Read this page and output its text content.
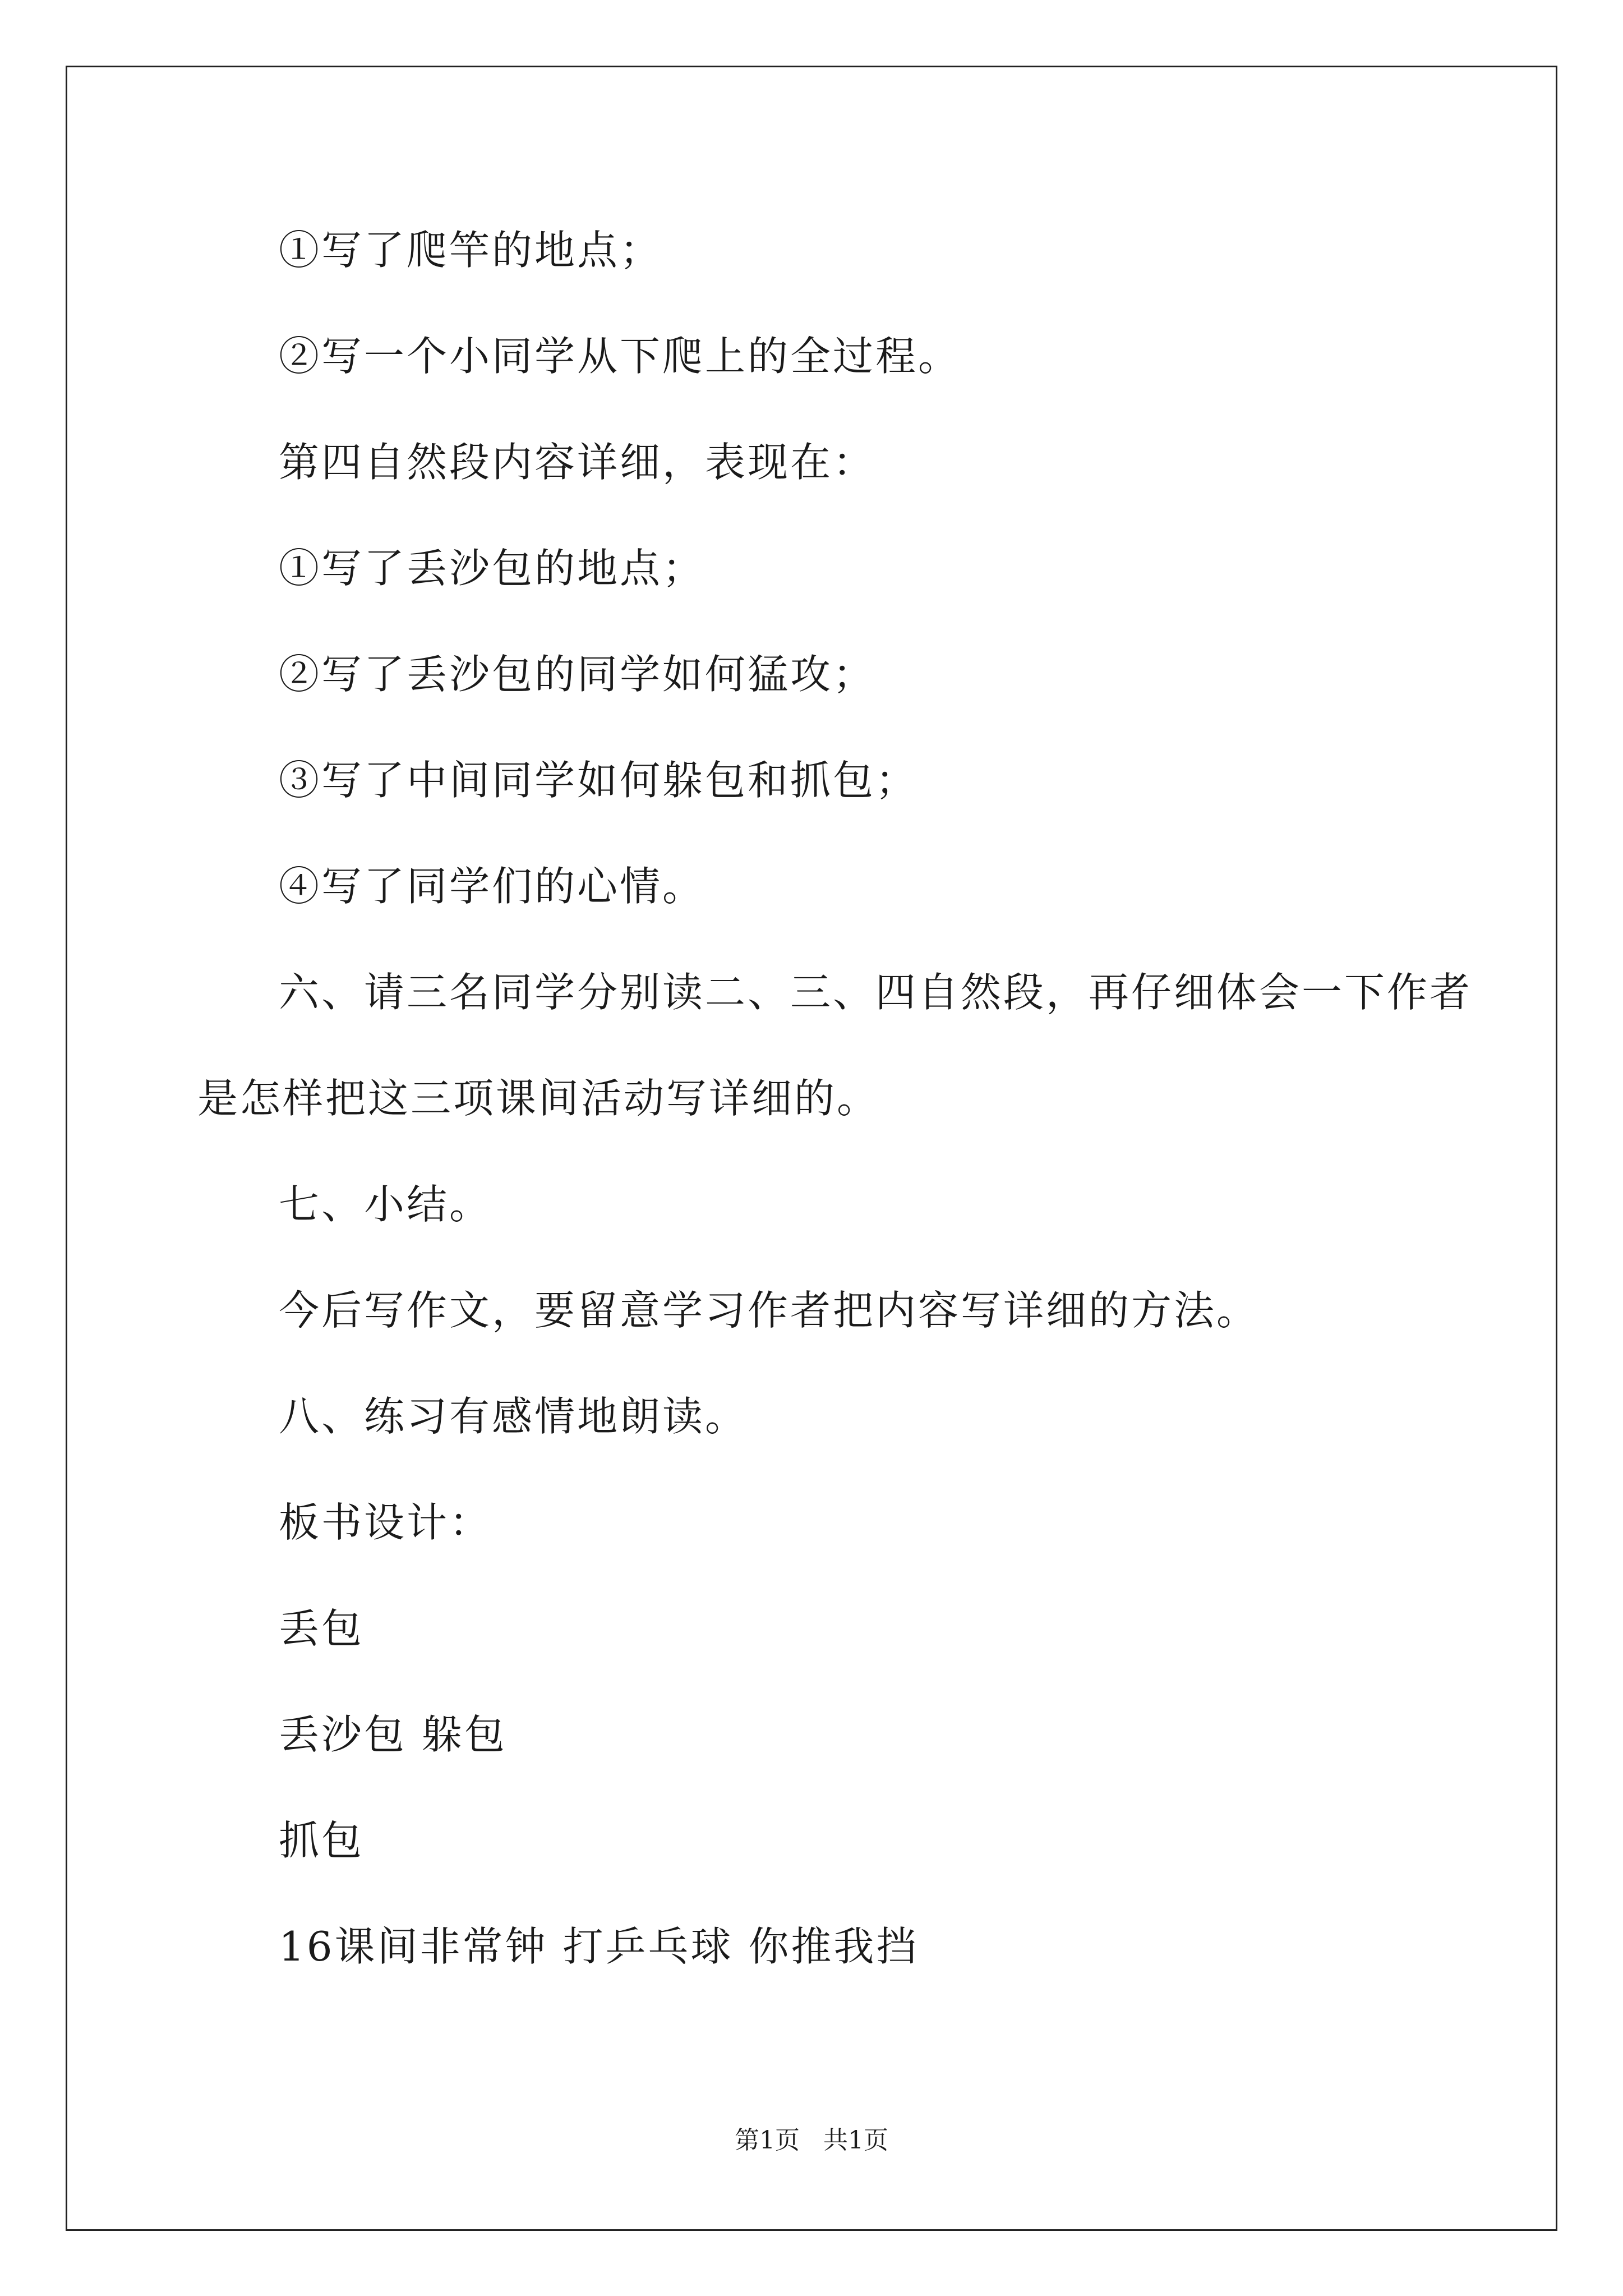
①写了爬竿的地点；

②写一个小同学从下爬上的全过程。

第四自然段内容详细，表现在：

①写了丢沙包的地点；

②写了丢沙包的同学如何猛攻；

③写了中间同学如何躲包和抓包；

④写了同学们的心情。

六、请三名同学分别读二、三、四自然段，再仔细体会一下作者

是怎样把这三项课间活动写详细的。

七、小结。

今后写作文，要留意学习作者把内容写详细的方法。

八、练习有感情地朗读。

板书设计：

丢包

丢沙包 躲包

抓包

16课间非常钟 打乒乓球 你推我挡

第1页   共1页
